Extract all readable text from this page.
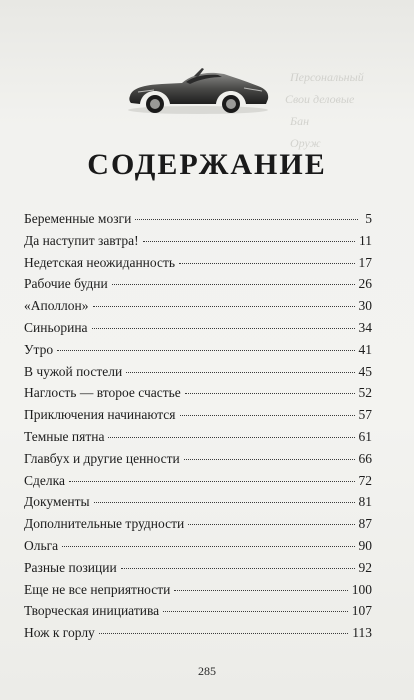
Персональный
Свои деловые
Бан
Оруж
СОДЕРЖАНИЕ
Беременные мозги	5
Да наступит завтра!	11
Недетская неожиданность	17
Рабочие будни	26
«Аполлон»	30
Синьорина	34
Утро	41
В чужой постели	45
Наглость — второе счастье	52
Приключения начинаются	57
Темные пятна	61
Главбух и другие ценности	66
Сделка	72
Документы	81
Дополнительные трудности	87
Ольга	90
Разные позиции	92
Еще не все неприятности	100
Творческая инициатива	107
Нож к горлу	113
285
